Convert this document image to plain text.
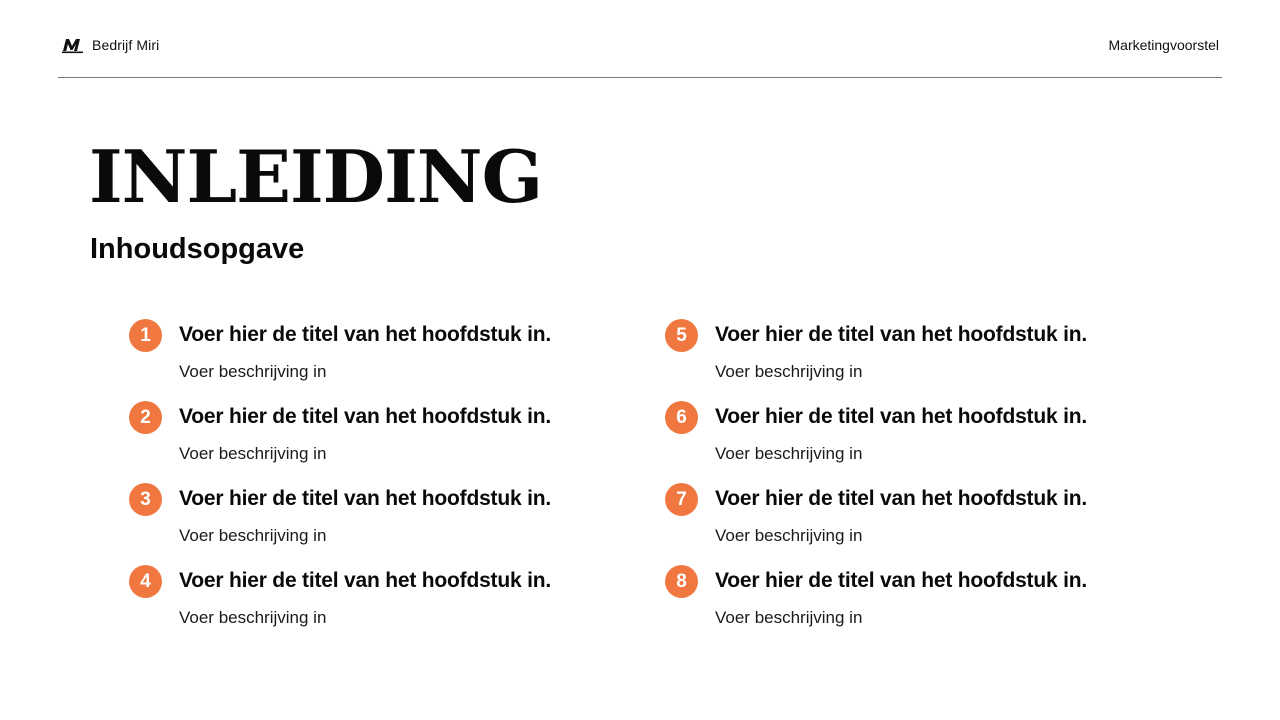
Bedrijf Miri	Marketingvoorstel
INLEIDING
Inhoudsopgave
1	Voer hier de titel van het hoofdstuk in.
Voer beschrijving in
2	Voer hier de titel van het hoofdstuk in.
Voer beschrijving in
3	Voer hier de titel van het hoofdstuk in.
Voer beschrijving in
4	Voer hier de titel van het hoofdstuk in.
Voer beschrijving in
5	Voer hier de titel van het hoofdstuk in.
Voer beschrijving in
6	Voer hier de titel van het hoofdstuk in.
Voer beschrijving in
7	Voer hier de titel van het hoofdstuk in.
Voer beschrijving in
8	Voer hier de titel van het hoofdstuk in.
Voer beschrijving in
